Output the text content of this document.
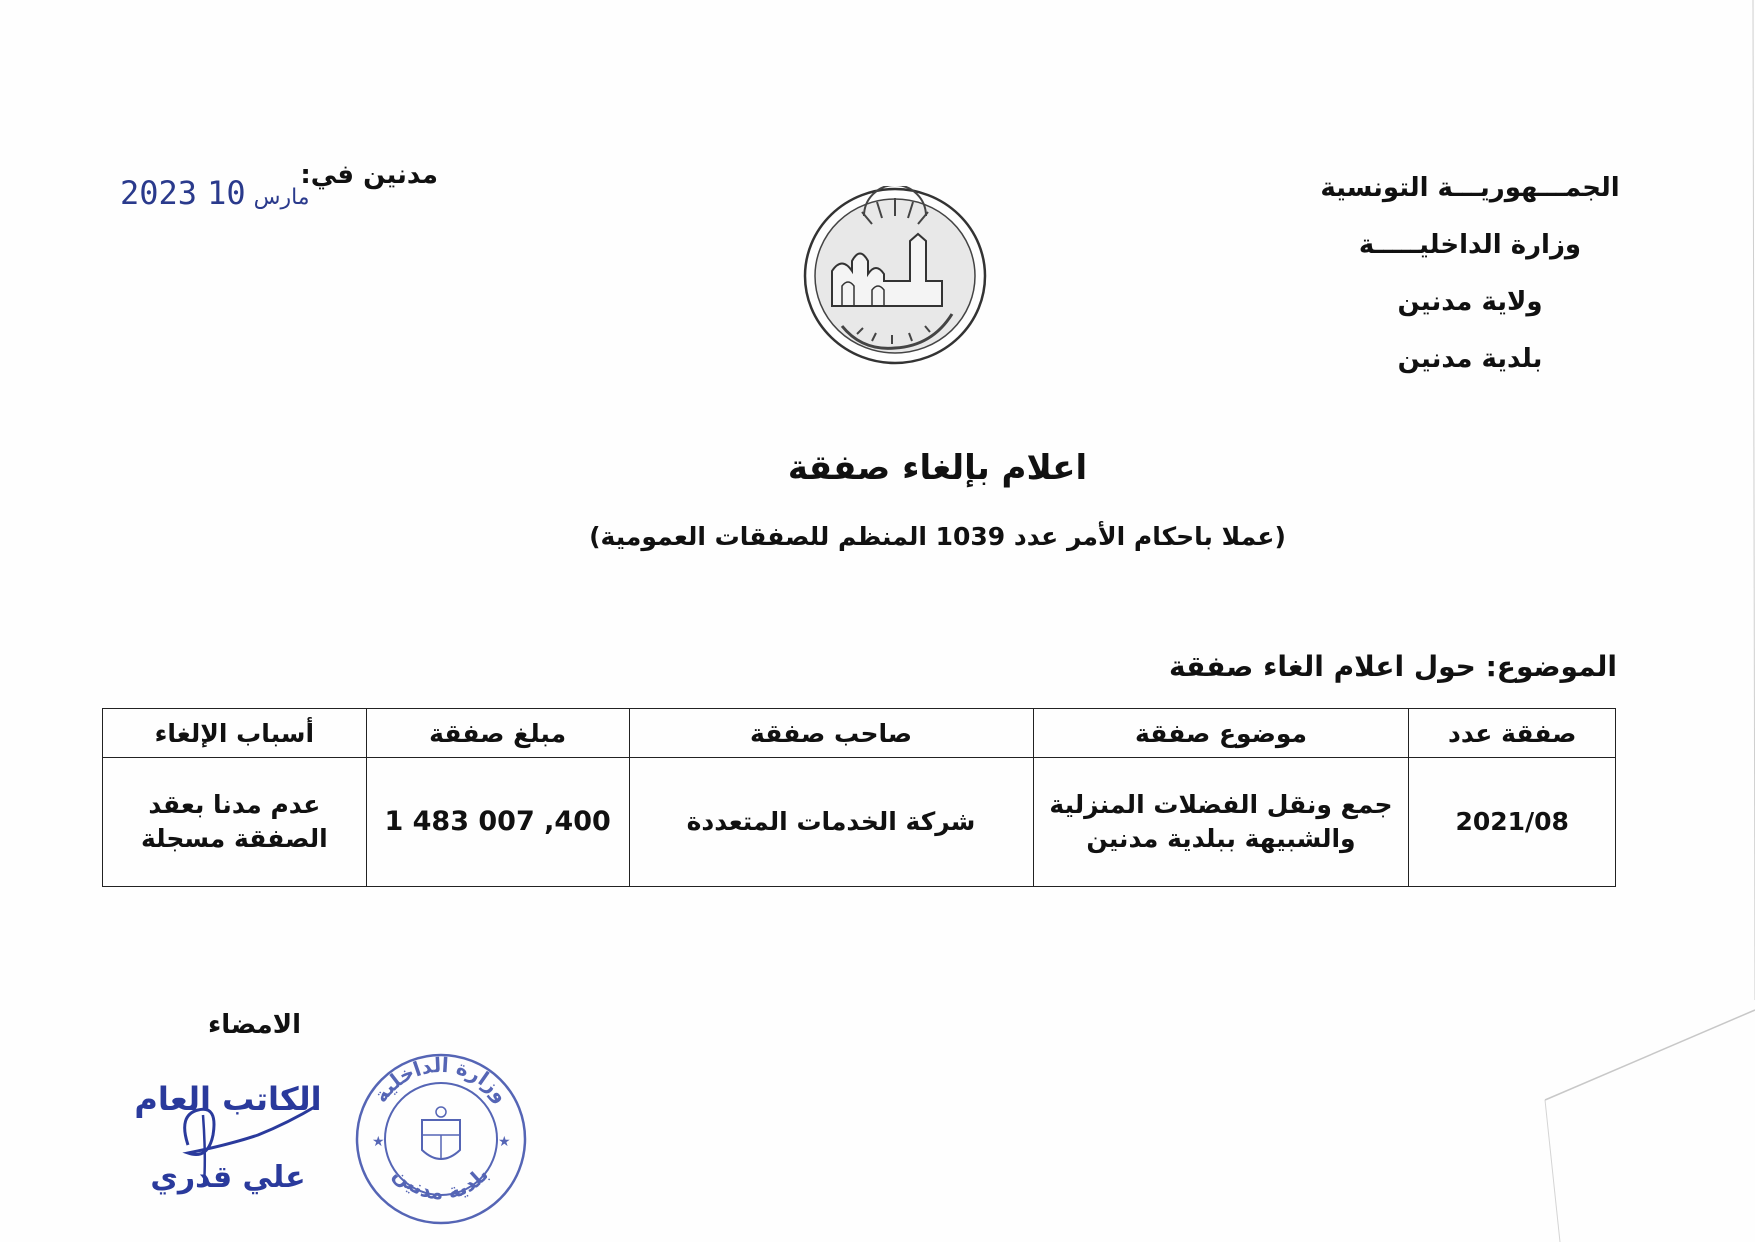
الجمـــهوريـــة التونسية
وزارة الداخليـــــة
ولاية مدنين
بلدية مدنين
مدنين في:
2023	مارس10
اعلام بإلغاء صفقة
(عملا باحكام الأمر عدد 1039 المنظم للصفقات العمومية)
الموضوع: حول اعلام الغاء صفقة
صفقة عدد	موضوع صفقة	صاحب صفقة	مبلغ صفقة	أسباب الإلغاء
2021/08	جمع ونقل الفضلات المنزلية والشبيهة ببلدية مدنين	شركة الخدمات المتعددة	1 483 007 ,400	عدم مدنا بعقد الصفقة مسجلة
الامضاء
الكاتب العام
علي قدري
وزارة الداخلية
بلدية مدنين
★	★
